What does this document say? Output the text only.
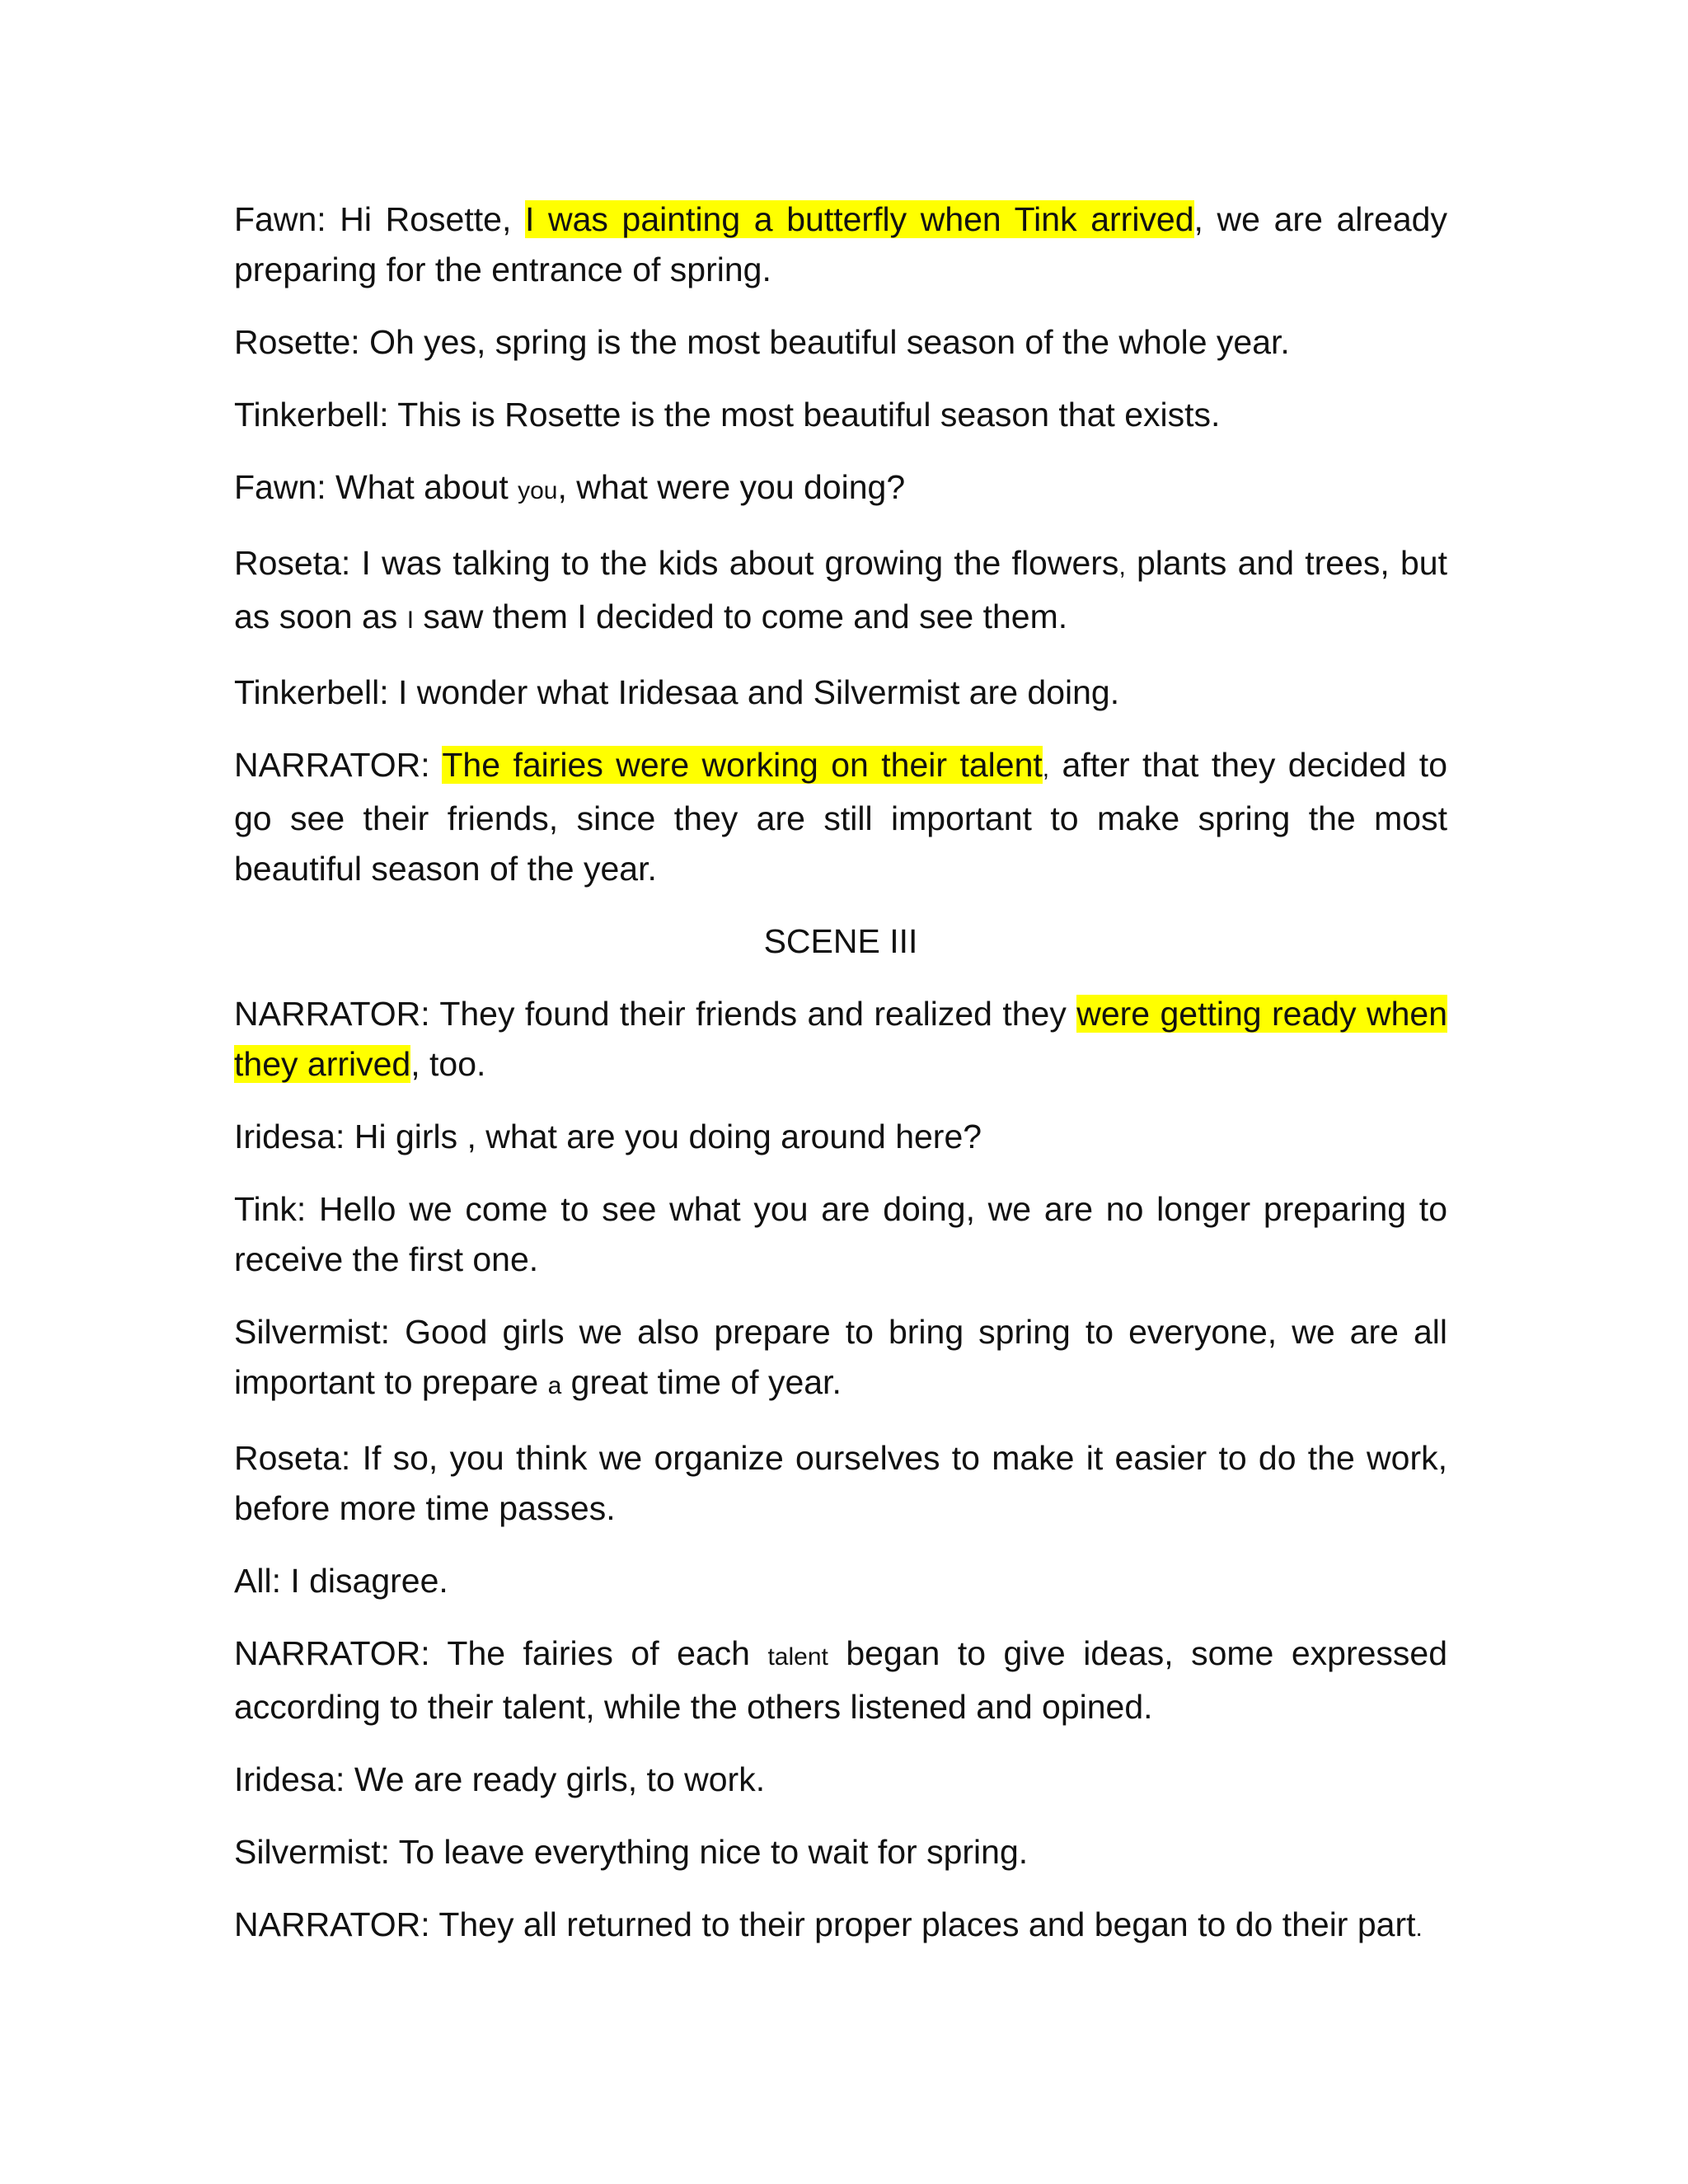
Fawn: Hi Rosette, I was painting a butterfly when Tink arrived, we are already preparing for the entrance of spring.

Rosette: Oh yes, spring is the most beautiful season of the whole year.

Tinkerbell: This is Rosette is the most beautiful season that exists.

Fawn: What about you, what were you doing?

Roseta: I was talking to the kids about growing the flowers, plants and trees, but as soon as I saw them I decided to come and see them.

Tinkerbell: I wonder what Iridesaa and Silvermist are doing.

NARRATOR: The fairies were working on their talent, after that they decided to go see their friends, since they are still important to make spring the most beautiful season of the year.

SCENE III

NARRATOR: They found their friends and realized they were getting ready when they arrived, too.

Iridesa: Hi girls , what are you doing around here?

Tink: Hello we come to see what you are doing, we are no longer preparing to receive the first one.

Silvermist: Good girls we also prepare to bring spring to everyone, we are all important to prepare a great time of year.

Roseta: If so, you think we organize ourselves to make it easier to do the work, before more time passes.

All: I disagree.

NARRATOR: The fairies of each talent began to give ideas, some expressed according to their talent, while the others listened and opined.

Iridesa: We are ready girls, to work.

Silvermist: To leave everything nice to wait for spring.

NARRATOR: They all returned to their proper places and began to do their part.
